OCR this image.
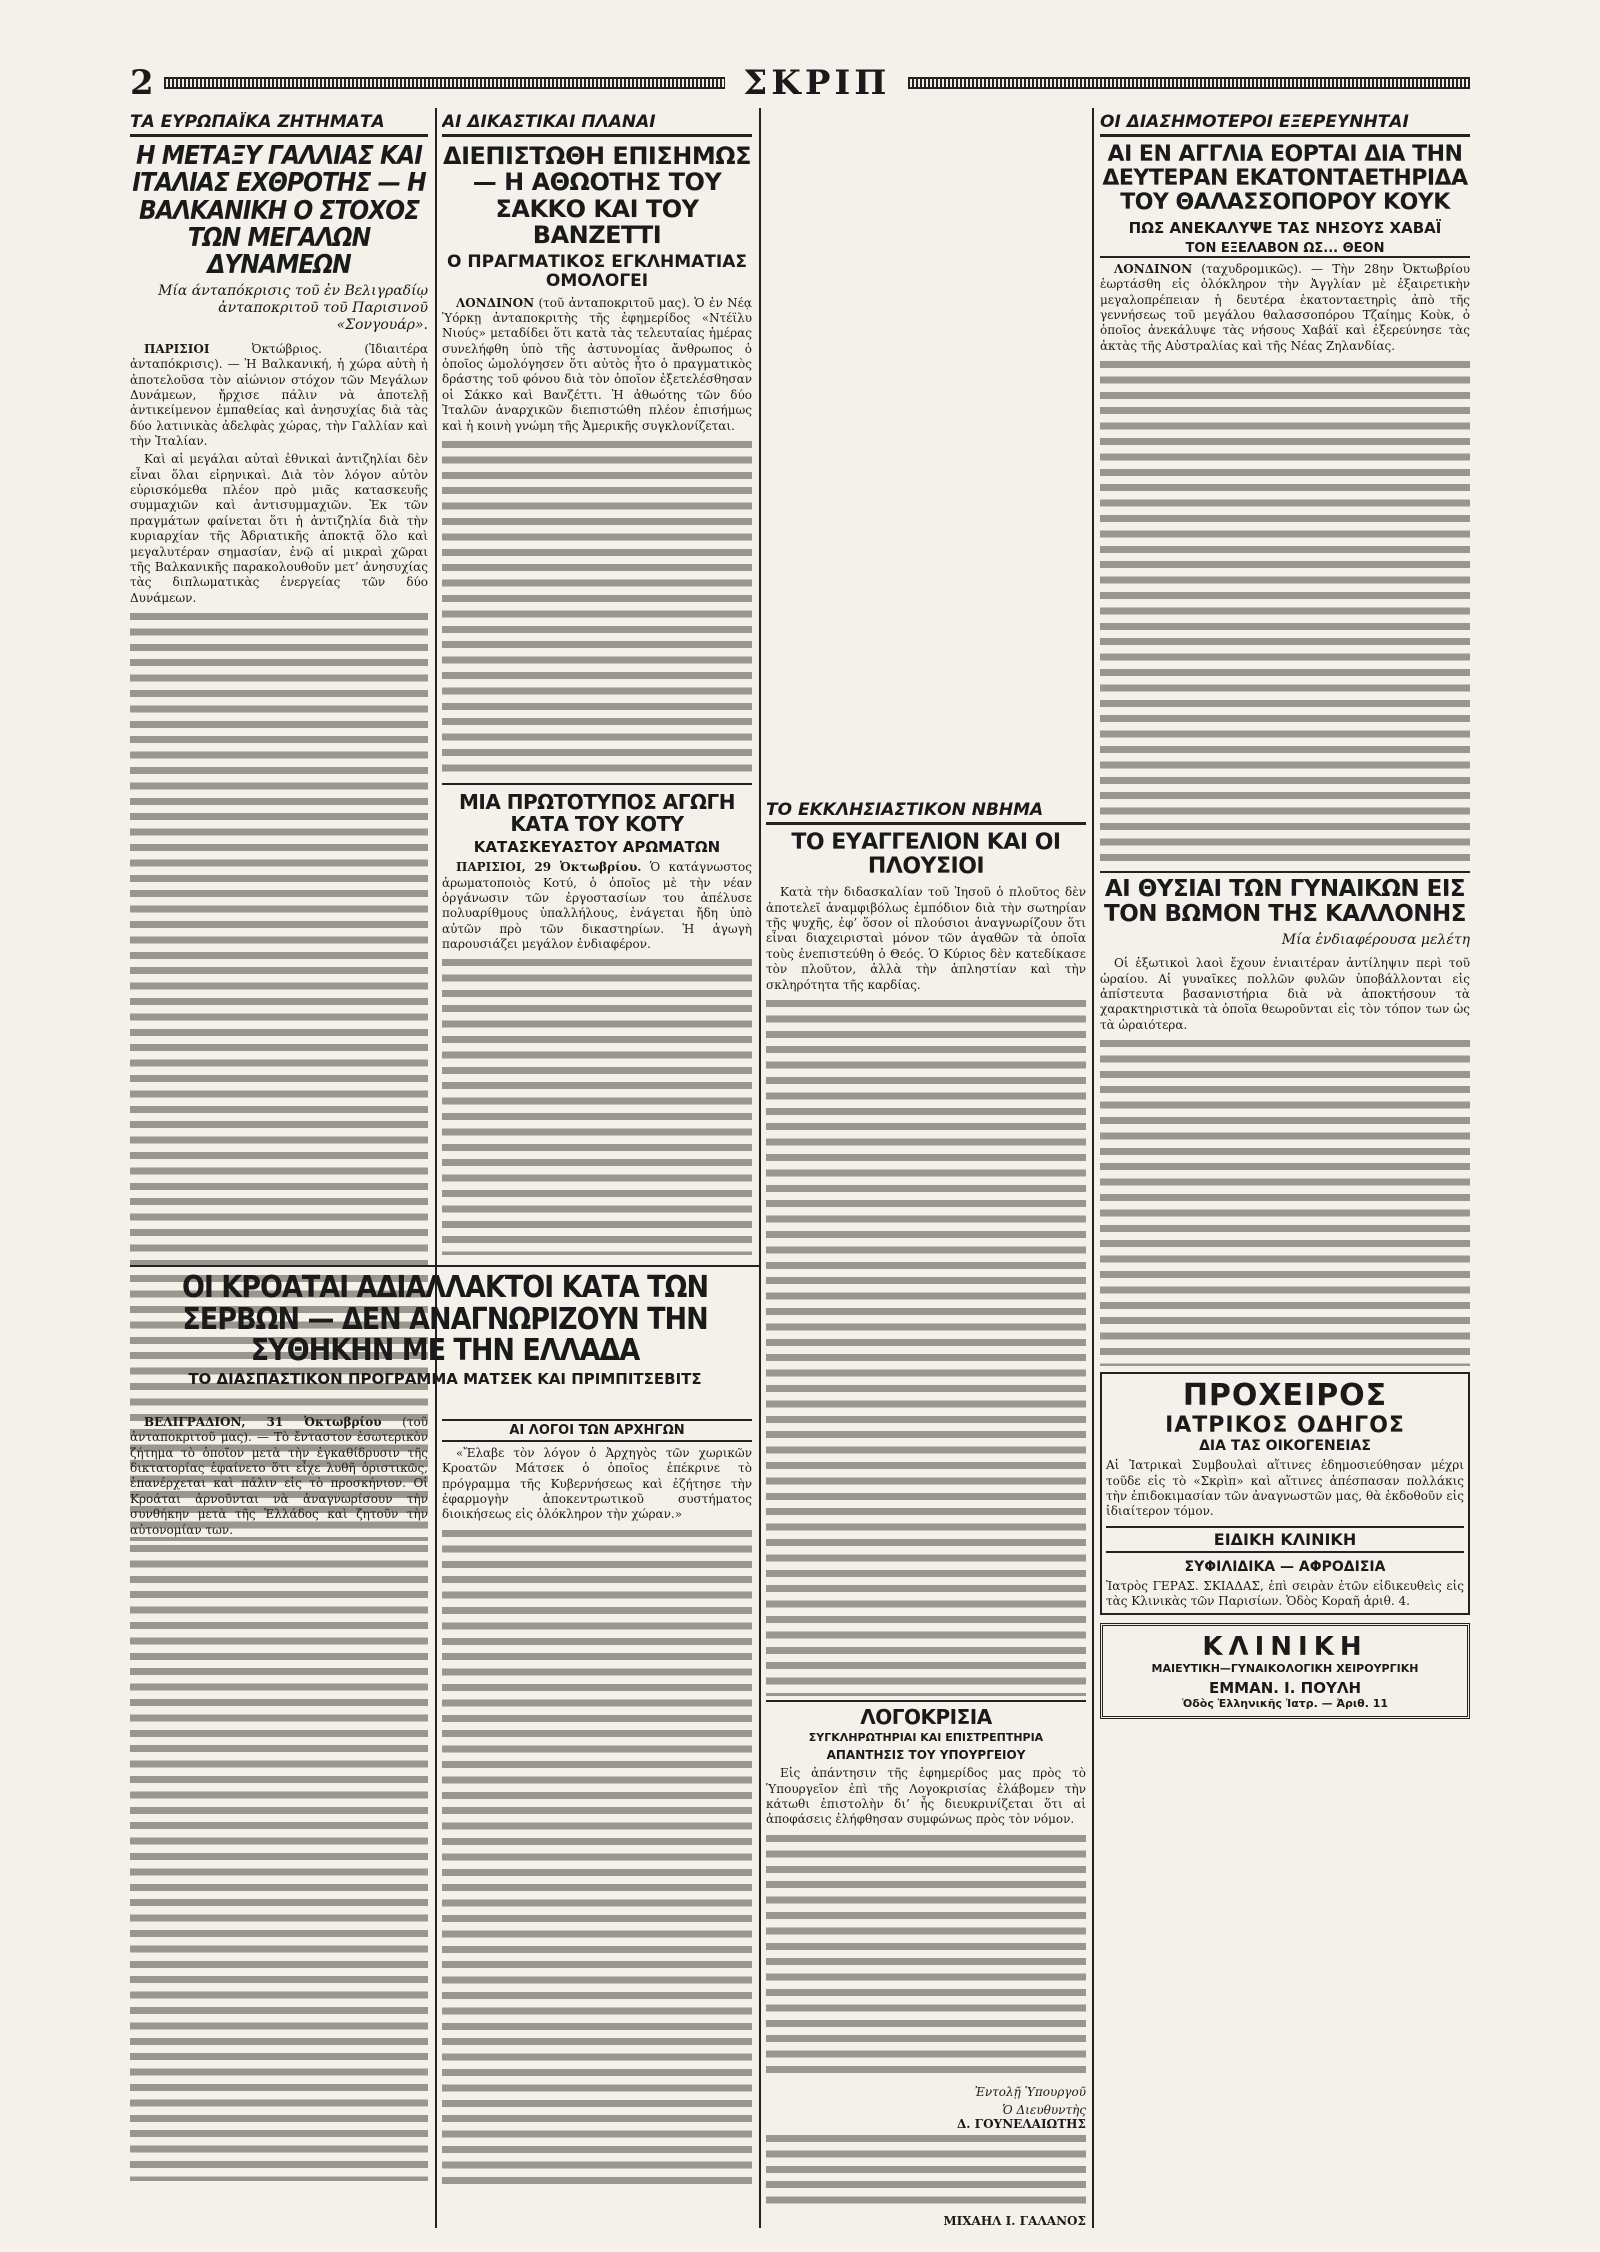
2	ΣΚΡΙΠ
ΤΑ ΕΥΡΩΠΑΪΚΑ ΖΗΤΗΜΑΤΑ
Η ΜΕΤΑΞΥ ΓΑΛΛΙΑΣ ΚΑΙ ΙΤΑΛΙΑΣ ΕΧΘΡΟΤΗΣ — Η ΒΑΛΚΑΝΙΚΗ Ο ΣΤΟΧΟΣ ΤΩΝ ΜΕΓΑΛΩΝ ΔΥΝΑΜΕΩΝ
Μία άνταπόκρισις τοῦ ἐν Βελιγραδίῳ ἀνταποκριτοῦ τοῦ Παρισινοῦ «Σονγουάρ».

ΠΑΡΙΣΙΟΙ	Ὀκτώβριος. (Ἰδιαιτέρα ἀνταπόκρισις). — Ἡ Βαλκανική, ἡ χώρα αὐτὴ ἡ ἀποτελοῦσα τὸν αἰώνιον στόχον τῶν Μεγάλων Δυνάμεων, ἤρχισε πάλιν νὰ ἀποτελῇ ἀντικείμενον ἐμπαθείας καὶ ἀνησυχίας διὰ τὰς δύο λατινικὰς ἀδελφὰς χώρας, τὴν Γαλλίαν καὶ τὴν Ἰταλίαν.

Καὶ αἱ μεγάλαι αὐταὶ ἐθνικαὶ ἀντιζηλίαι δὲν εἶναι ὅλαι εἰρηνικαὶ. Διὰ τὸν λόγον αὐτὸν εὑρισκόμεθα πλέον πρὸ μιᾶς κατασκευῆς συμμαχιῶν καὶ ἀντισυμμαχιῶν. Ἐκ τῶν πραγμάτων φαίνεται ὅτι ἡ ἀντιζηλία διὰ τὴν κυριαρχίαν τῆς Ἀδριατικῆς ἀποκτᾷ ὅλο καὶ μεγαλυτέραν σημασίαν, ἐνῷ αἱ μικραὶ χῶραι τῆς Βαλκανικῆς παρακολουθοῦν μετ’ ἀνησυχίας τὰς διπλωματικὰς ἐνεργείας τῶν δύο Δυνάμεων.

ΟΙ ΚΡΟΑΤΑΙ ΑΔΙΑΛΛΑΚΤΟΙ ΚΑΤΑ ΤΩΝ ΣΕΡΒΩΝ — ΔΕΝ ΑΝΑΓΝΩΡΙΖΟΥΝ ΤΗΝ ΣΥΘΗΚΗΝ ΜΕ ΤΗΝ ΕΛΛΑΔΑ
ΤΟ ΔΙΑΣΠΑΣΤΙΚΟΝ ΠΡΟΓΡΑΜΜΑ ΜΑΤΣΕΚ ΚΑΙ ΠΡΙΜΠΙΤΣΕΒΙΤΣ

ΒΕΛΙΓΡΑΔΙΟΝ, 31 Ὀκτωβρίου (τοῦ ἀνταποκριτοῦ μας). — Τὸ ἔνταστον ἐσωτερικὸν ζήτημα τὸ ὁποῖον μετὰ τὴν ἐγκαθίδρυσιν τῆς δικτατορίας ἐφαίνετο ὅτι εἶχε λυθῆ ὁριστικῶς, ἐπανέρχεται καὶ πάλιν εἰς τὸ προσκήνιον. Οἱ Κροάται ἀρνοῦνται νὰ ἀναγνωρίσουν τὴν συνθήκην μετὰ τῆς Ἑλλάδος καὶ ζητοῦν τὴν αὐτονομίαν των.

ΑΙ ΔΙΚΑΣΤΙΚΑΙ ΠΛΑΝΑΙ
ΔΙΕΠΙΣΤΩΘΗ ΕΠΙΣΗΜΩΣ — Η ΑΘΩΟΤΗΣ ΤΟΥ ΣΑΚΚΟ ΚΑΙ ΤΟΥ ΒΑΝΖΕΤΤΙ
Ο ΠΡΑΓΜΑΤΙΚΟΣ ΕΓΚΛΗΜΑΤΙΑΣ ΟΜΟΛΟΓΕΙ

ΛΟΝΔΙΝΟΝ (τοῦ ἀνταποκριτοῦ μας). Ὁ ἐν Νέᾳ Ὑόρκῃ ἀνταποκριτὴς τῆς ἐφημερίδος «Ντέϊλυ Νιούς» μεταδίδει ὅτι κατὰ τὰς τελευταίας ἡμέρας συνελήφθη ὑπὸ τῆς ἀστυνομίας ἄνθρωπος ὁ ὁποῖος ὡμολόγησεν ὅτι αὐτὸς ἦτο ὁ πραγματικὸς δράστης τοῦ φόνου διὰ τὸν ὁποῖον ἐξετελέσθησαν οἱ Σάκκο καὶ Βανζέττι. Ἡ ἀθωότης τῶν δύο Ἰταλῶν ἀναρχικῶν διεπιστώθη πλέον ἐπισήμως καὶ ἡ κοινὴ γνώμη τῆς Ἀμερικῆς συγκλονίζεται.

ΜΙΑ ΠΡΩΤΟΤΥΠΟΣ ΑΓΩΓΗ ΚΑΤΑ ΤΟΥ ΚΟΤΥ
ΚΑΤΑΣΚΕΥΑΣΤΟΥ ΑΡΩΜΑΤΩΝ

ΠΑΡΙΣΙΟΙ, 29 Ὀκτωβρίου. Ὁ κατάγνωστος ἀρωματοποιὸς Κοτύ, ὁ ὁποῖος μὲ τὴν νέαν ὀργάνωσιν τῶν ἐργοστασίων του ἀπέλυσε πολυαρίθμους ὑπαλλήλους, ἐνάγεται ἤδη ὑπὸ αὐτῶν πρὸ τῶν δικαστηρίων. Ἡ ἀγωγὴ παρουσιάζει μεγάλον ἐνδιαφέρον.

ΑΙ ΛΟΓΟΙ ΤΩΝ ΑΡΧΗΓΩΝ

«Ἔλαβε τὸν λόγον ὁ Ἀρχηγὸς τῶν χωρικῶν Κροατῶν Μάτσεκ ὁ ὁποῖος ἐπέκρινε τὸ πρόγραμμα τῆς Κυβερνήσεως καὶ ἐζήτησε τὴν ἐφαρμογὴν ἀποκεντρωτικοῦ συστήματος διοικήσεως εἰς ὁλόκληρον τὴν χώραν.»

ΤΟ ΕΚΚΛΗΣΙΑΣΤΙΚΟΝ ΝΒΗΜΑ
ΤΟ ΕΥΑΓΓΕΛΙΟΝ ΚΑΙ ΟΙ ΠΛΟΥΣΙΟΙ

Κατὰ τὴν διδασκαλίαν τοῦ Ἰησοῦ ὁ πλοῦτος δὲν ἀποτελεῖ ἀναμφιβόλως ἐμπόδιον διὰ τὴν σωτηρίαν τῆς ψυχῆς, ἐφ’ ὅσον οἱ πλούσιοι ἀναγνωρίζουν ὅτι εἶναι διαχειρισταὶ μόνον τῶν ἀγαθῶν τὰ ὁποῖα τοὺς ἐνεπιστεύθη ὁ Θεός. Ὁ Κύριος δὲν κατεδίκασε τὸν πλοῦτον, ἀλλὰ τὴν ἀπληστίαν καὶ τὴν σκληρότητα τῆς καρδίας.

ΛΟΓΟΚΡΙΣΙΑ
ΣΥΓΚΛΗΡΩΤΗΡΙΑΙ ΚΑΙ ΕΠΙΣΤΡΕΠΤΗΡΙΑ
ΑΠΑΝΤΗΣΙΣ ΤΟΥ ΥΠΟΥΡΓΕΙΟΥ

Εἰς ἀπάντησιν τῆς ἐφημερίδος μας πρὸς τὸ Ὑπουργεῖον ἐπὶ τῆς Λογοκρισίας ἐλάβομεν τὴν κάτωθι ἐπιστολὴν δι’ ἧς διευκρινίζεται ὅτι αἱ ἀποφάσεις ἐλήφθησαν συμφώνως πρὸς τὸν νόμον.

Ἐντολῇ Ὑπουργοῦ
Ὁ Διευθυντὴς
Δ. ΓΟΥΝΕΛΑΙΩΤΗΣ

ΜΙΧΑΗΛ Ι. ΓΑΛΑΝΟΣ
ΟΙ ΔΙΑΣΗΜΟΤΕΡΟΙ ΕΞΕΡΕΥΝΗΤΑΙ
ΑΙ ΕΝ ΑΓΓΛΙΑ ΕΟΡΤΑΙ ΔΙΑ ΤΗΝ ΔΕΥΤΕΡΑΝ ΕΚΑΤΟΝΤΑΕΤΗΡΙΔΑ ΤΟΥ ΘΑΛΑΣΣΟΠΟΡΟΥ ΚΟΥΚ
ΠΩΣ ΑΝΕΚΑΛΥΨΕ ΤΑΣ ΝΗΣΟΥΣ ΧΑΒΑΪ
ΤΟΝ ΕΞΕΛΑΒΟΝ ΩΣ... ΘΕΟΝ

ΛΟΝΔΙΝΟΝ (ταχυδρομικῶς). — Τὴν 28ην Ὀκτωβρίου ἑωρτάσθη εἰς ὁλόκληρον τὴν Ἀγγλίαν μὲ ἐξαιρετικὴν μεγαλοπρέπειαν ἡ δευτέρα ἑκατονταετηρὶς ἀπὸ τῆς γεννήσεως τοῦ μεγάλου θαλασσοπόρου Τζαίημς Κοὺκ, ὁ ὁποῖος ἀνεκάλυψε τὰς νήσους Χαβάϊ καὶ ἐξερεύνησε τὰς ἀκτὰς τῆς Αὐστραλίας καὶ τῆς Νέας Ζηλανδίας.

ΑΙ ΘΥΣΙΑΙ ΤΩΝ ΓΥΝΑΙΚΩΝ ΕΙΣ ΤΟΝ ΒΩΜΟΝ ΤΗΣ ΚΑΛΛΟΝΗΣ
Μία ἐνδιαφέρουσα μελέτη

Οἱ ἐξωτικοὶ λαοὶ ἔχουν ἐνιαιτέραν ἀντίληψιν περὶ τοῦ ὡραίου. Αἱ γυναῖκες πολλῶν φυλῶν ὑποβάλλονται εἰς ἀπίστευτα βασανιστήρια διὰ νὰ ἀποκτήσουν τὰ χαρακτηριστικὰ τὰ ὁποῖα θεωροῦνται εἰς τὸν τόπον των ὡς τὰ ὡραιότερα.

ΠΡΟΧΕΙΡΟΣ
ΙΑΤΡΙΚΟΣ ΟΔΗΓΟΣ
ΔΙΑ ΤΑΣ ΟΙΚΟΓΕΝΕΙΑΣ
Αἱ Ἰατρικαὶ Συμβουλαὶ αἵτινες ἐδημοσιεύθησαν μέχρι τοῦδε εἰς τὸ «Σκρὶπ» καὶ αἵτινες ἀπέσπασαν πολλάκις τὴν ἐπιδοκιμασίαν τῶν ἀναγνωστῶν μας, θὰ ἐκδοθοῦν εἰς ἰδιαίτερον τόμον.
ΕΙΔΙΚΗ ΚΛΙΝΙΚΗ
ΣΥΦΙΛΙΔΙΚΑ — ΑΦΡΟΔΙΣΙΑ
Ἰατρὸς ΓΕΡΑΣ. ΣΚΙΑΔΑΣ, ἐπὶ σειρὰν ἐτῶν εἰδικευθεὶς εἰς τὰς Κλινικὰς τῶν Παρισίων. Ὁδὸς Κοραῆ ἀριθ. 4.
ΚΛΙΝΙΚΗ
ΜΑΙΕΥΤΙΚΗ—ΓΥΝΑΙΚΟΛΟΓΙΚΗ ΧΕΙΡΟΥΡΓΙΚΗ
ΕΜΜΑΝ. Ι. ΠΟΥΛΗ
Ὁδὸς Ἐλληνικῆς Ἰατρ. — Ἀριθ. 11
